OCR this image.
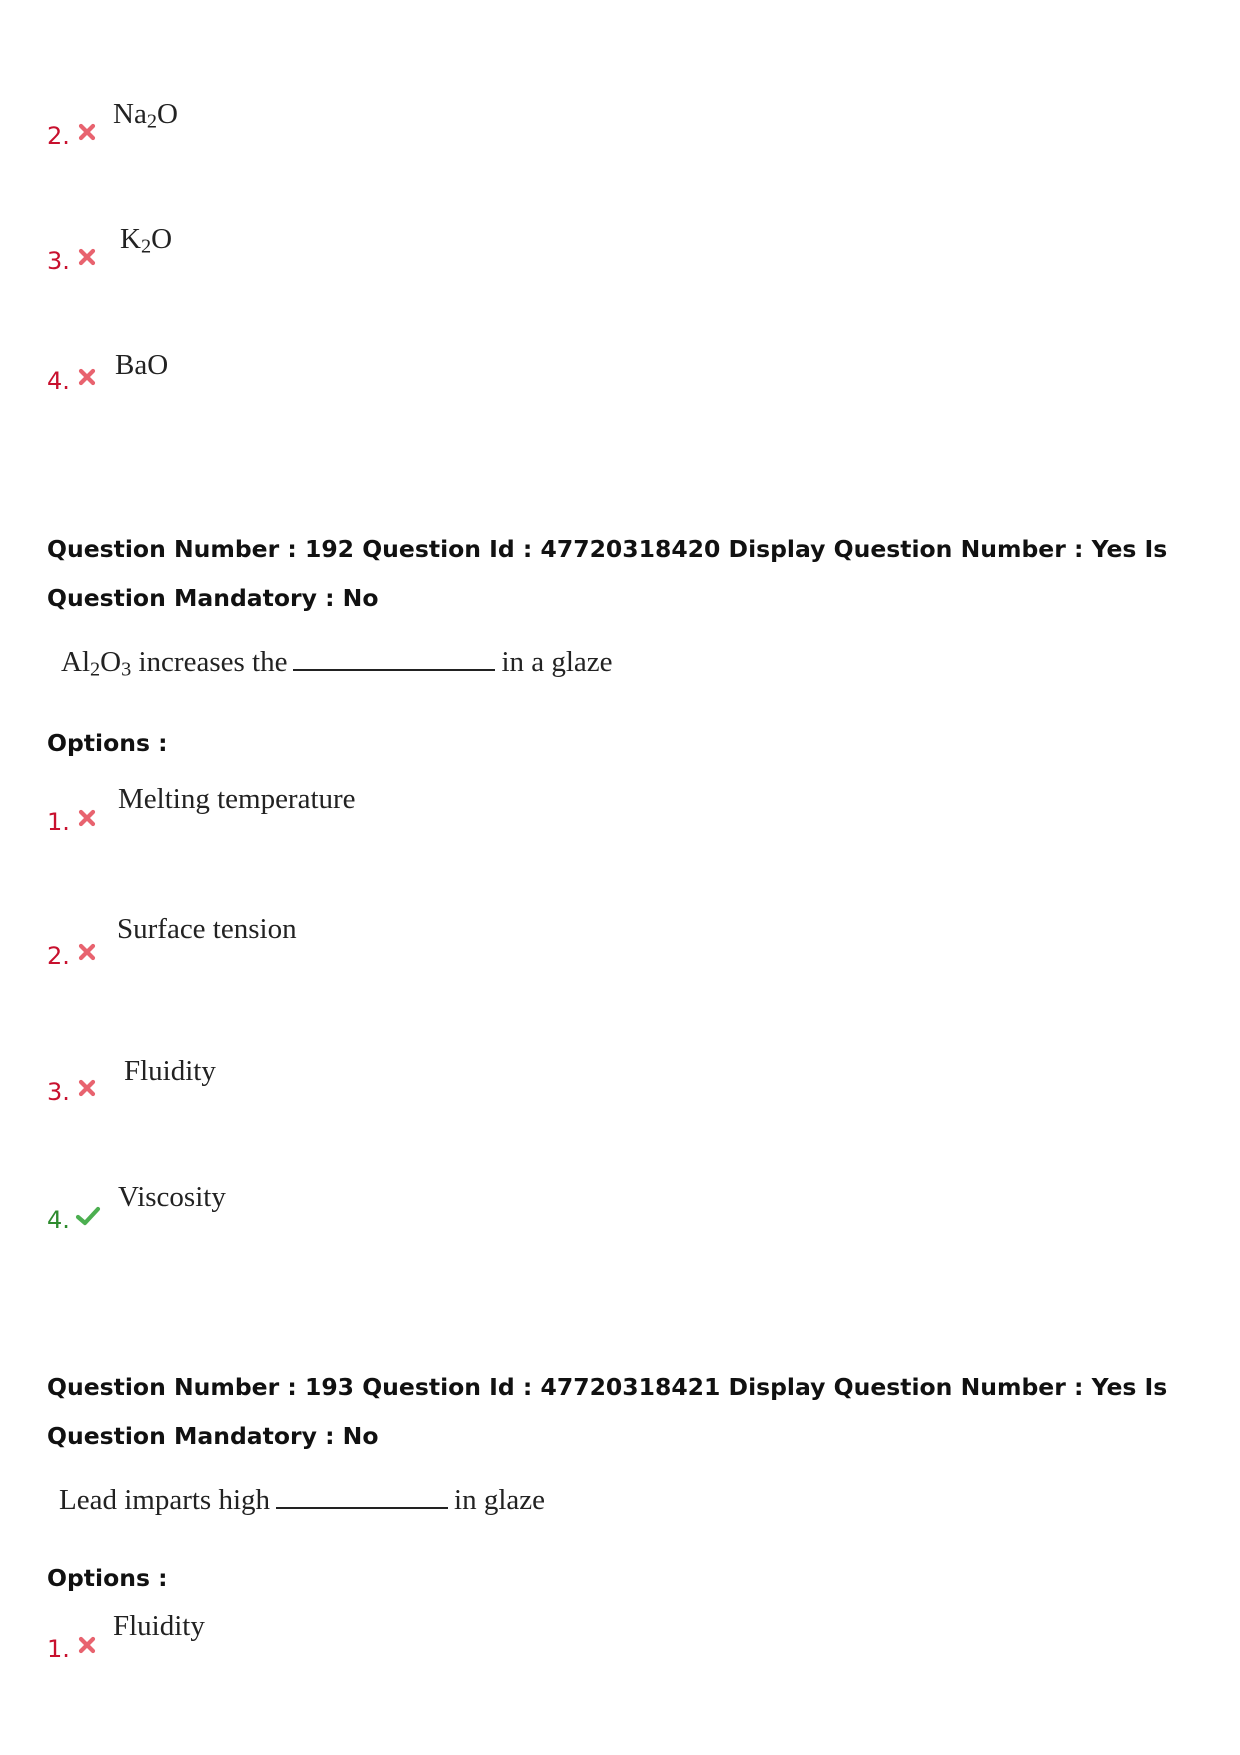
2.
$Na_2O$
3.
$K_2O$
4. BaO
Question Number : 192 Question Id : 47720318420 Display Question Number : Yes Is Question Mandatory : No
$Al_2O_3$ increases the	in a glaze
Options :
1.
Melting temperature
2.
Surface tension
3.
Fluidity
4.
Viscosity
Question Number : 193 Question Id : 47720318421 Display Question Number : Yes Is Question Mandatory : No
Lead imparts high	in glaze
Options :
1.
Fluidity
